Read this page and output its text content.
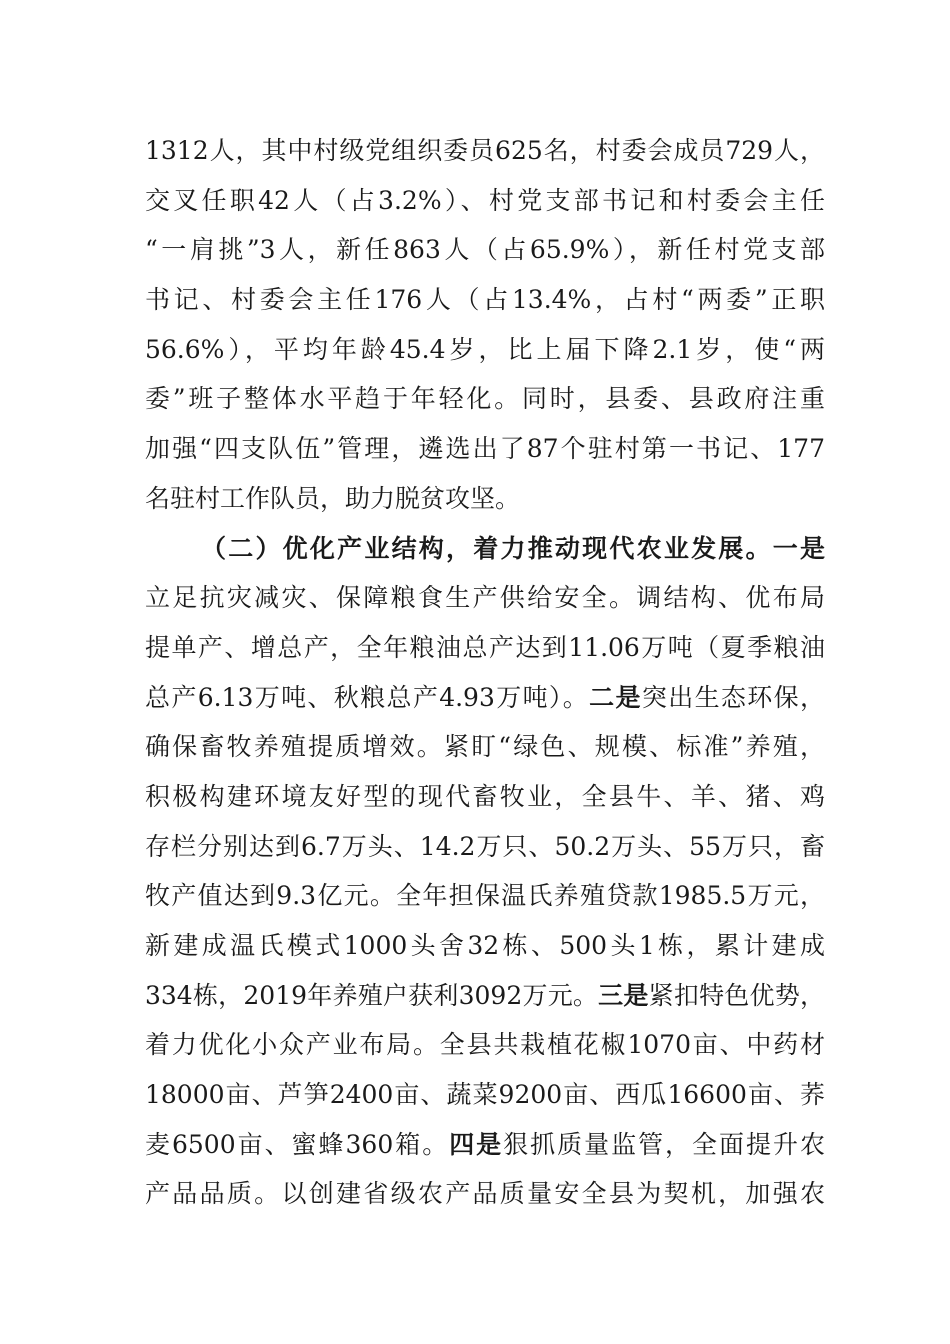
1312人，其中村级党组织委员625名，村委会成员729人，
交叉任职42人（占3.2%）、村党支部书记和村委会主任
“一肩挑”3人，新任863人（占65.9%），新任村党支部
书记、村委会主任176人（占13.4%，占村“两委”正职
56.6%），平均年龄45.4岁，比上届下降2.1岁，使“两
委”班子整体水平趋于年轻化。同时，县委、县政府注重
加强“四支队伍”管理，遴选出了87个驻村第一书记、177
名驻村工作队员，助力脱贫攻坚。
（二）优化产业结构，着力推动现代农业发展。一是
立足抗灾减灾、保障粮食生产供给安全。调结构、优布局
提单产、增总产，全年粮油总产达到11.06万吨（夏季粮油
总产6.13万吨、秋粮总产4.93万吨）。二是突出生态环保，
确保畜牧养殖提质增效。紧盯“绿色、规模、标准”养殖，
积极构建环境友好型的现代畜牧业，全县牛、羊、猪、鸡
存栏分别达到6.7万头、14.2万只、50.2万头、55万只，畜
牧产值达到9.3亿元。全年担保温氏养殖贷款1985.5万元，
新建成温氏模式1000头舍32栋、500头1栋，累计建成
334栋，2019年养殖户获利3092万元。三是紧扣特色优势，
着力优化小众产业布局。全县共栽植花椒1070亩、中药材
18000亩、芦笋2400亩、蔬菜9200亩、西瓜16600亩、荞
麦6500亩、蜜蜂360箱。四是狠抓质量监管，全面提升农
产品品质。以创建省级农产品质量安全县为契机，加强农
